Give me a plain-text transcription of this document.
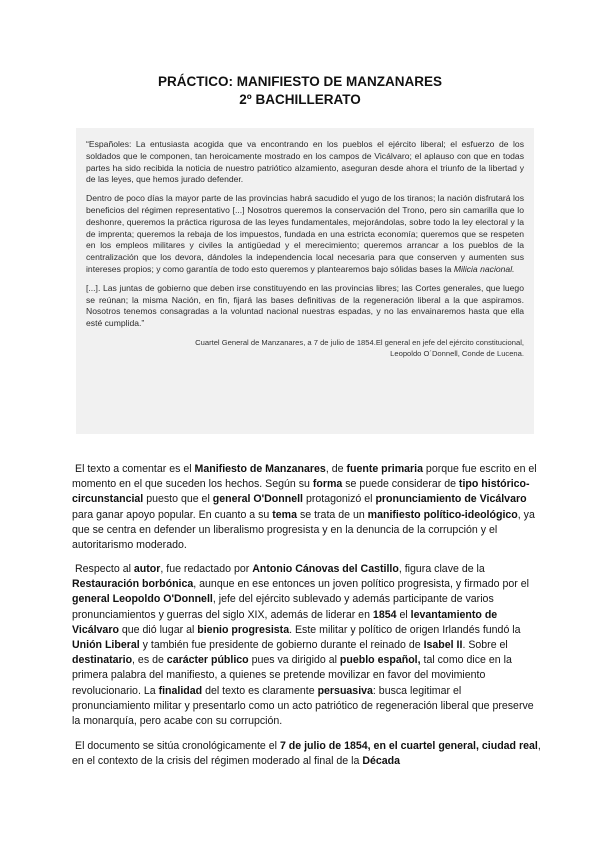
PRÁCTICO: MANIFIESTO DE MANZANARES
2º BACHILLERATO

“Españoles: La entusiasta acogida que va encontrando en los pueblos el ejército liberal; el esfuerzo de los soldados que le componen, tan heroicamente mostrado en los campos de Vicálvaro; el aplauso con que en todas partes ha sido recibida la noticia de nuestro patriótico alzamiento, aseguran desde ahora el triunfo de la libertad y de las leyes, que hemos jurado defender.

Dentro de poco días la mayor parte de las provincias habrá sacudido el yugo de los tiranos; la nación disfrutará los beneficios del régimen representativo [...] Nosotros queremos la conservación del Trono, pero sin camarilla que lo deshonre, queremos la práctica rigurosa de las leyes fundamentales, mejorándolas, sobre todo la ley electoral y la de imprenta; queremos la rebaja de los impuestos, fundada en una estricta economía; queremos que se respeten en los empleos militares y civiles la antigüedad y el merecimiento; queremos arrancar a los pueblos de la centralización que los devora, dándoles la independencia local necesaria para que conserven y aumenten sus intereses propios; y como garantía de todo esto queremos y plantearemos bajo sólidas bases la Milicia nacional.

[...]. Las juntas de gobierno que deben irse constituyendo en las provincias libres; las Cortes generales, que luego se reúnan; la misma Nación, en fin, fijará las bases definitivas de la regeneración liberal a la que aspiramos. Nosotros tenemos consagradas a la voluntad nacional nuestras espadas, y no las envainaremos hasta que ella esté cumplida.”

Cuartel General de Manzanares, a 7 de julio de 1854.El general en jefe del ejército constitucional,
Leopoldo O´Donnell, Conde de Lucena.

El texto a comentar es el Manifiesto de Manzanares, de fuente primaria porque fue escrito en el momento en el que suceden los hechos. Según su forma se puede considerar de tipo histórico-circunstancial puesto que el general O'Donnell protagonizó el pronunciamiento de Vicálvaro para ganar apoyo popular. En cuanto a su tema se trata de un manifiesto político-ideológico, ya que se centra en defender un liberalismo progresista y en la denuncia de la corrupción y el autoritarismo moderado.

Respecto al autor, fue redactado por Antonio Cánovas del Castillo, figura clave de la Restauración borbónica, aunque en ese entonces un joven político progresista, y firmado por el general Leopoldo O'Donnell, jefe del ejército sublevado y además participante de varios pronunciamientos y guerras del siglo XIX, además de liderar en 1854 el levantamiento de Vicálvaro que dió lugar al bienio progresista. Este militar y político de origen Irlandés fundó la Unión Liberal y también fue presidente de gobierno durante el reinado de Isabel II. Sobre el destinatario, es de carácter público pues va dirigido al pueblo español, tal como dice en la primera palabra del manifiesto, a quienes se pretende movilizar en favor del movimiento revolucionario. La finalidad del texto es claramente persuasiva: busca legitimar el pronunciamiento militar y presentarlo como un acto patriótico de regeneración liberal que preserve la monarquía, pero acabe con su corrupción.

El documento se sitúa cronológicamente el 7 de julio de 1854, en el cuartel general, ciudad real, en el contexto de la crisis del régimen moderado al final de la Década
